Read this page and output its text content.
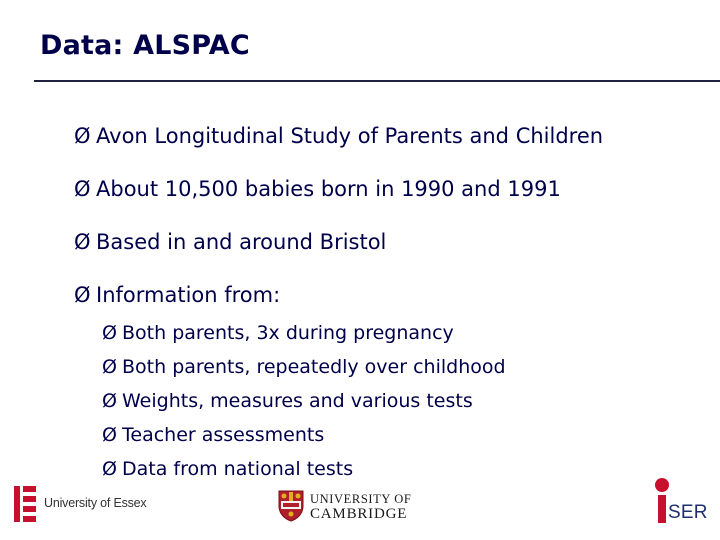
Data: ALSPAC
Ø Avon Longitudinal Study of Parents and Children
Ø About 10,500 babies born in 1990 and 1991
Ø Based in and around Bristol
Ø Information from:
Ø Both parents, 3x during pregnancy
Ø Both parents, repeatedly over childhood
Ø Weights, measures and various tests
Ø Teacher assessments
Ø Data from national tests
University of Essex	UNIVERSITY OF
CAMBRIDGE	SER
